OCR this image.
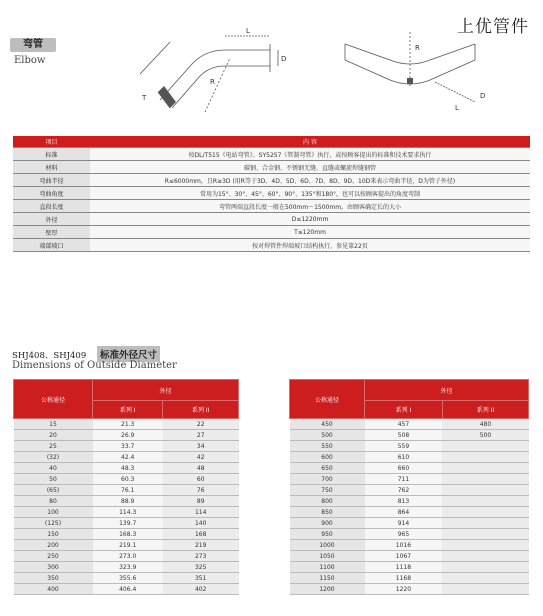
上优管件
弯管
Elbow
L
D
R
T
L
D
R
项目	内 容
标准	按DL/T515《电站弯管》、SY5257《管制弯管》执行，或按顾客提出的标准和技术要求执行
材料	碳钢、合金钢、不锈钢无缝、直缝或螺旋焊缝钢管
弯曲半径	R≤6000mm，且R≥3D (用R等于3D、4D、5D、6D、7D、8D、9D、10D来表示弯曲半径，D为管子外径)
弯曲角度	常用为15°、30°、45°、60°、90°、135°和180°，也可以按顾客提出的角度弯制
直段长度	弯管两端直段长度一般在500mm～1500mm，由顾客确定长的大小
外径	D≤1220mm
壁厚	T≤120mm
端部坡口	按对焊管件焊端坡口结构执行，参见第22页
SHJ408、SHJ409	标准外径尺寸
Dimensions of Outside Diameter
公称通径	外径	
	系列 I	系列 II
15	21.3	22
20	26.9	27
25	33.7	34
(32)	42.4	42
40	48.3	48
50	60.3	60
(65)	76.1	76
80	88.9	89
100	114.3	114
(125)	139.7	140
150	168.3	168
200	219.1	219
250	273.0	273
300	323.9	325
350	355.6	351
400	406.4	402
公称通径	外径	
	系列 I	系列 II
450	457	480
500	508	500
550	559	
600	610	
650	660	
700	711	
750	762	
800	813	
850	864	
900	914	
950	965	
1000	1016	
1050	1067	
1100	1118	
1150	1168	
1200	1220	
